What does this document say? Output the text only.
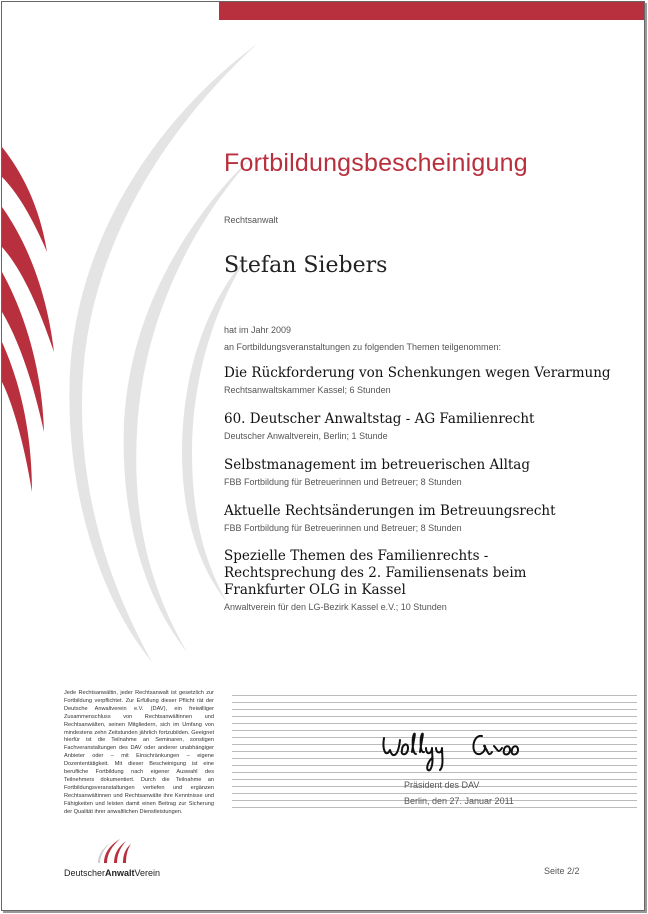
Fortbildungsbescheinigung
Rechtsanwalt
Stefan Siebers
hat im Jahr 2009
an Fortbildungsveranstaltungen zu folgenden Themen teilgenommen:
Die Rückforderung von Schenkungen wegen Verarmung
Rechtsanwaltskammer Kassel; 6 Stunden
60. Deutscher Anwaltstag - AG Familienrecht
Deutscher Anwaltverein, Berlin; 1 Stunde
Selbstmanagement im betreuerischen Alltag
FBB Fortbildung für Betreuerinnen und Betreuer; 8 Stunden
Aktuelle Rechtsänderungen im Betreuungsrecht
FBB Fortbildung für Betreuerinnen und Betreuer; 8 Stunden
Spezielle Themen des Familienrechts - Rechtsprechung des 2. Familiensenats beim Frankfurter OLG in Kassel
Anwaltverein für den LG-Bezirk Kassel e.V.; 10 Stunden
Präsident des DAV
Berlin, den 27. Januar 2011
Jede Rechtsanwältin, jeder Rechtsanwalt ist gesetzlich zur Fortbildung verpflichtet. Zur Erfüllung dieser Pflicht rät der Deutsche Anwaltverein e.V. (DAV), ein freiwilliger Zusammenschluss von Rechtsanwältinnen und Rechtsanwälten, seinen Mitgliedern, sich im Umfang von mindestens zehn Zeitstunden jährlich fortzubilden. Geeignet hierfür ist die Teilnahme an Seminaren, sonstigen Fachveranstaltungen des DAV oder anderer unabhängiger Anbieter oder – mit Einschränkungen – eigene Dozententätigkeit. Mit dieser Bescheinigung ist eine berufliche Fortbildung nach eigener Auswahl des Teilnehmers dokumentiert. Durch die Teilnahme an Fortbildungsveranstaltungen vertiefen und ergänzen Rechtsanwältinnen und Rechtsanwälte ihre Kenntnisse und Fähigkeiten und leisten damit einen Beitrag zur Sicherung der Qualität ihrer anwaltlichen Dienstleistungen.
DeutscherAnwaltVerein	Seite 2/2
